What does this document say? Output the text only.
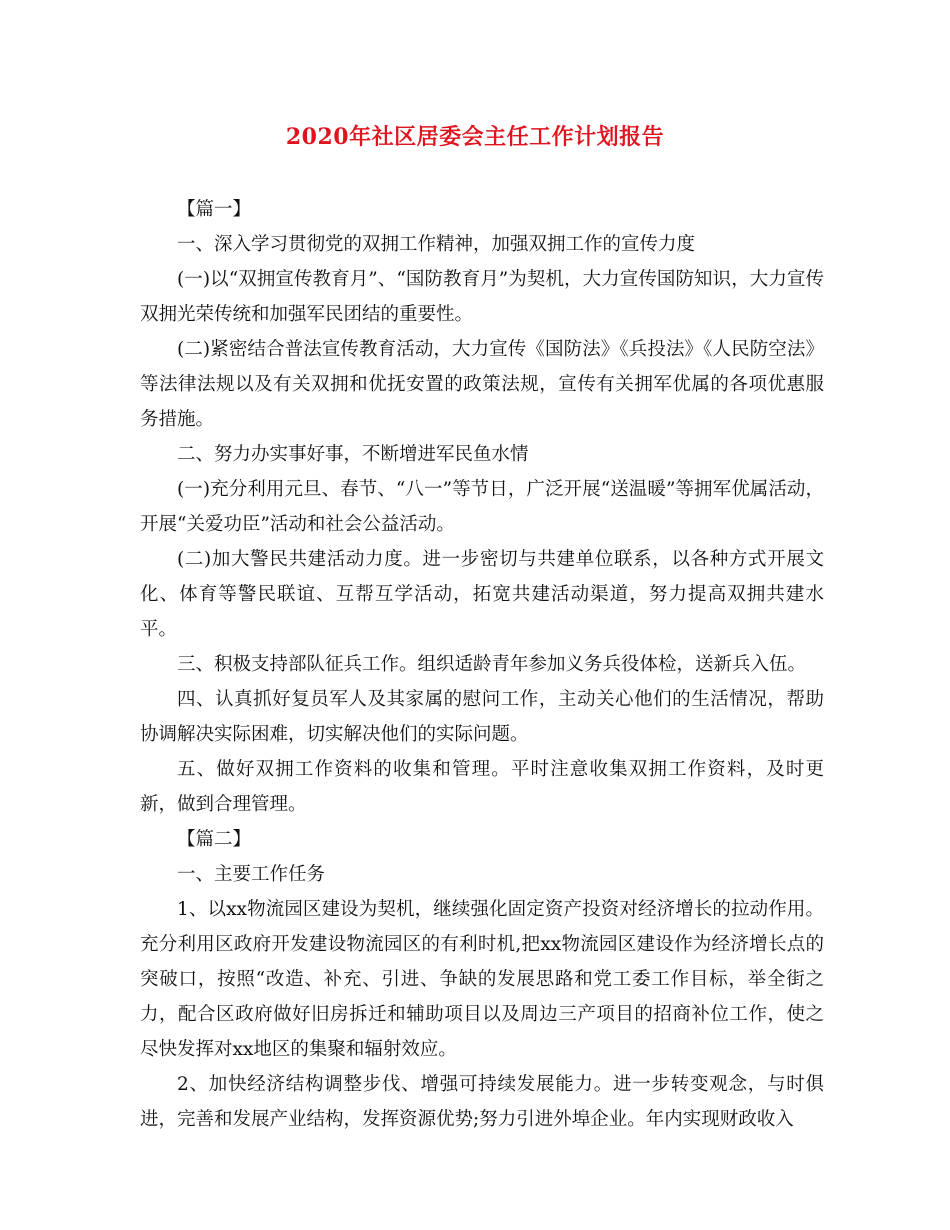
2020年社区居委会主任工作计划报告

【篇一】

一、深入学习贯彻党的双拥工作精神，加强双拥工作的宣传力度

(一)以“双拥宣传教育月”、“国防教育月”为契机，大力宣传国防知识，大力宣传双拥光荣传统和加强军民团结的重要性。

(二)紧密结合普法宣传教育活动，大力宣传《国防法》《兵投法》《人民防空法》等法律法规以及有关双拥和优抚安置的政策法规，宣传有关拥军优属的各项优惠服务措施。

二、努力办实事好事，不断增进军民鱼水情

(一)充分利用元旦、春节、“八一”等节日，广泛开展“送温暖”等拥军优属活动，开展“关爱功臣”活动和社会公益活动。

(二)加大警民共建活动力度。进一步密切与共建单位联系，以各种方式开展文化、体育等警民联谊、互帮互学活动，拓宽共建活动渠道，努力提高双拥共建水平。

三、积极支持部队征兵工作。组织适龄青年参加义务兵役体检，送新兵入伍。

四、认真抓好复员军人及其家属的慰问工作，主动关心他们的生活情况，帮助协调解决实际困难，切实解决他们的实际问题。

五、做好双拥工作资料的收集和管理。平时注意收集双拥工作资料，及时更新，做到合理管理。

【篇二】

一、主要工作任务

1、以xx物流园区建设为契机，继续强化固定资产投资对经济增长的拉动作用。充分利用区政府开发建设物流园区的有利时机,把xx物流园区建设作为经济增长点的突破口，按照“改造、补充、引进、争缺的发展思路和党工委工作目标，举全街之力，配合区政府做好旧房拆迁和辅助项目以及周边三产项目的招商补位工作，使之尽快发挥对xx地区的集聚和辐射效应。

2、加快经济结构调整步伐、增强可持续发展能力。进一步转变观念，与时俱进，完善和发展产业结构，发挥资源优势;努力引进外埠企业。年内实现财政收入
